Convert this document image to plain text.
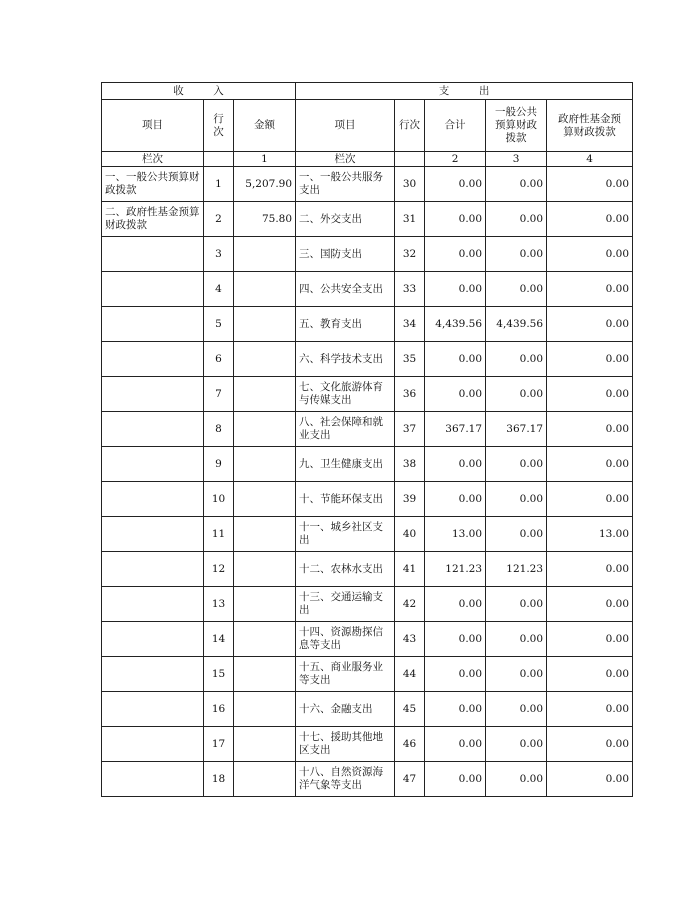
收 入			支 出				
项目	行次	金额	项目	行次	合计	一般公共预算财政拨款	政府性基金预算财政拨款
栏次		1	栏次		2	3	4
一、一般公共预算财政拨款	1	5,207.90	一、一般公共服务支出	30	0.00	0.00	0.00
二、政府性基金预算财政拨款	2	75.80	二、外交支出	31	0.00	0.00	0.00
	3		三、国防支出	32	0.00	0.00	0.00
	4		四、公共安全支出	33	0.00	0.00	0.00
	5		五、教育支出	34	4,439.56	4,439.56	0.00
	6		六、科学技术支出	35	0.00	0.00	0.00
	7		七、文化旅游体育与传媒支出	36	0.00	0.00	0.00
	8		八、社会保障和就业支出	37	367.17	367.17	0.00
	9		九、卫生健康支出	38	0.00	0.00	0.00
	10		十、节能环保支出	39	0.00	0.00	0.00
	11		十一、城乡社区支出	40	13.00	0.00	13.00
	12		十二、农林水支出	41	121.23	121.23	0.00
	13		十三、交通运输支出	42	0.00	0.00	0.00
	14		十四、资源勘探信息等支出	43	0.00	0.00	0.00
	15		十五、商业服务业等支出	44	0.00	0.00	0.00
	16		十六、金融支出	45	0.00	0.00	0.00
	17		十七、援助其他地区支出	46	0.00	0.00	0.00
	18		十八、自然资源海洋气象等支出	47	0.00	0.00	0.00
